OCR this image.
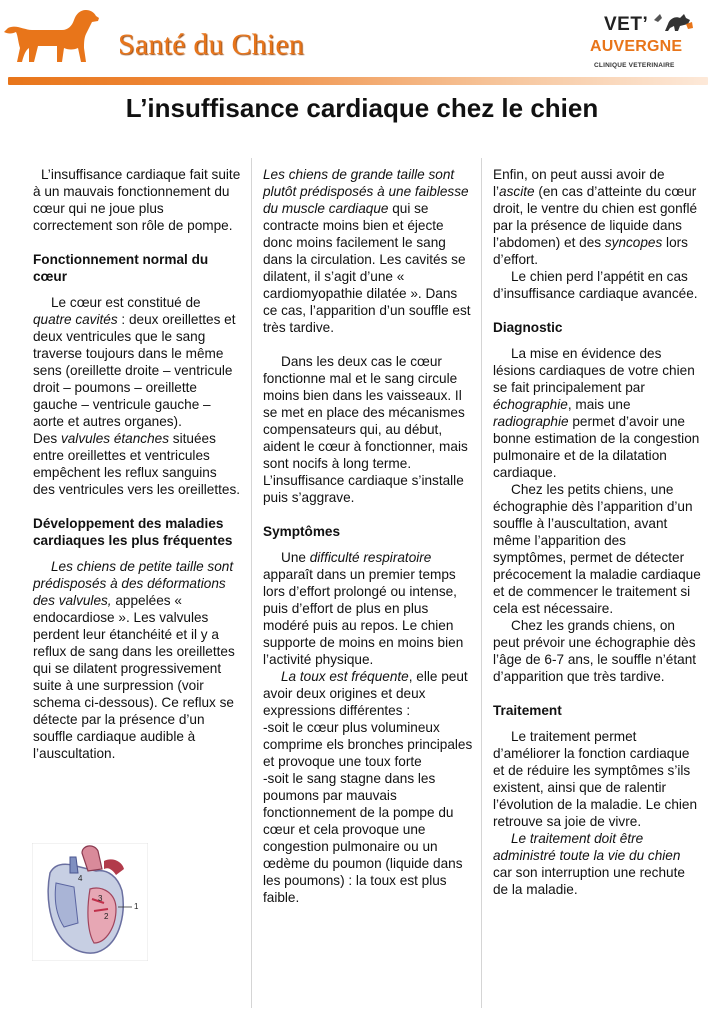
Santé du Chien
VET’
AUVERGNE
CLINIQUE VETERINAIRE
L’insuffisance cardiaque chez le chien

L’insuffisance cardiaque fait suite à un mauvais fonctionnement du cœur qui ne joue plus correctement son rôle de pompe.

Fonctionnement normal du cœur

Le cœur est constitué de quatre cavités : deux oreillettes et deux ventricules que le sang traverse toujours dans le même sens (oreillette droite – ventricule droit – poumons – oreillette gauche – ventricule gauche – aorte et autres organes).

Des valvules étanches situées entre oreillettes et ventricules empêchent les reflux sanguins des ventricules vers les oreillettes.

Développement des maladies cardiaques les plus fréquentes

Les chiens de petite taille sont prédisposés à des déformations des valvules, appelées « endocardiose ». Les valvules perdent leur étanchéité et il y a reflux de sang dans les oreillettes qui se dilatent progressivement suite à une surpression (voir schema ci-dessous). Ce reflux se détecte par la présence d’un souffle cardiaque audible à l’auscultation.

4
3
1
2

Les chiens de grande taille sont plutôt prédisposés à une faiblesse du muscle cardiaque qui se contracte moins bien et éjecte donc moins facilement le sang dans la circulation. Les cavités se dilatent, il s’agit d’une « cardiomyopathie dilatée ». Dans ce cas, l’apparition d’un souffle est très tardive.

Dans les deux cas le cœur fonctionne mal et le sang circule moins bien dans les vaisseaux. Il se met en place des mécanismes compensateurs qui, au début, aident le cœur à fonctionner, mais sont nocifs à long terme. L’insuffisance cardiaque s’installe puis s’aggrave.

Symptômes

Une difficulté respiratoire apparaît dans un premier temps lors d’effort prolongé ou intense, puis d’effort de plus en plus modéré puis au repos. Le chien supporte de moins en moins bien l’activité physique.

La toux est fréquente, elle peut avoir deux origines et deux expressions différentes :

-soit le cœur plus volumineux comprime els bronches principales et provoque une toux forte

-soit le sang stagne dans les poumons par mauvais fonctionnement de la pompe du cœur et cela provoque une congestion pulmonaire ou un œdème du poumon (liquide dans les poumons) : la toux est plus faible.

Enfin, on peut aussi avoir de l’ascite (en cas d’atteinte du cœur droit, le ventre du chien est gonflé par la présence de liquide dans l’abdomen) et des syncopes lors d’effort.

Le chien perd l’appétit en cas d’insuffisance cardiaque avancée.

Diagnostic

La mise en évidence des lésions cardiaques de votre chien se fait principalement par échographie, mais une radiographie permet d’avoir une bonne estimation de la congestion pulmonaire et de la dilatation cardiaque.

Chez les petits chiens, une échographie dès l’apparition d’un souffle à l’auscultation, avant même l’apparition des symptômes, permet de détecter précocement la maladie cardiaque et de commencer le traitement si cela est nécessaire.

Chez les grands chiens, on peut prévoir une échographie dès l’âge de 6-7 ans, le souffle n’étant d’apparition que très tardive.

Traitement

Le traitement permet d’améliorer la fonction cardiaque et de réduire les symptômes s’ils existent, ainsi que de ralentir l’évolution de la maladie. Le chien retrouve sa joie de vivre.

Le traitement doit être administré toute la vie du chien car son interruption une rechute de la maladie.
